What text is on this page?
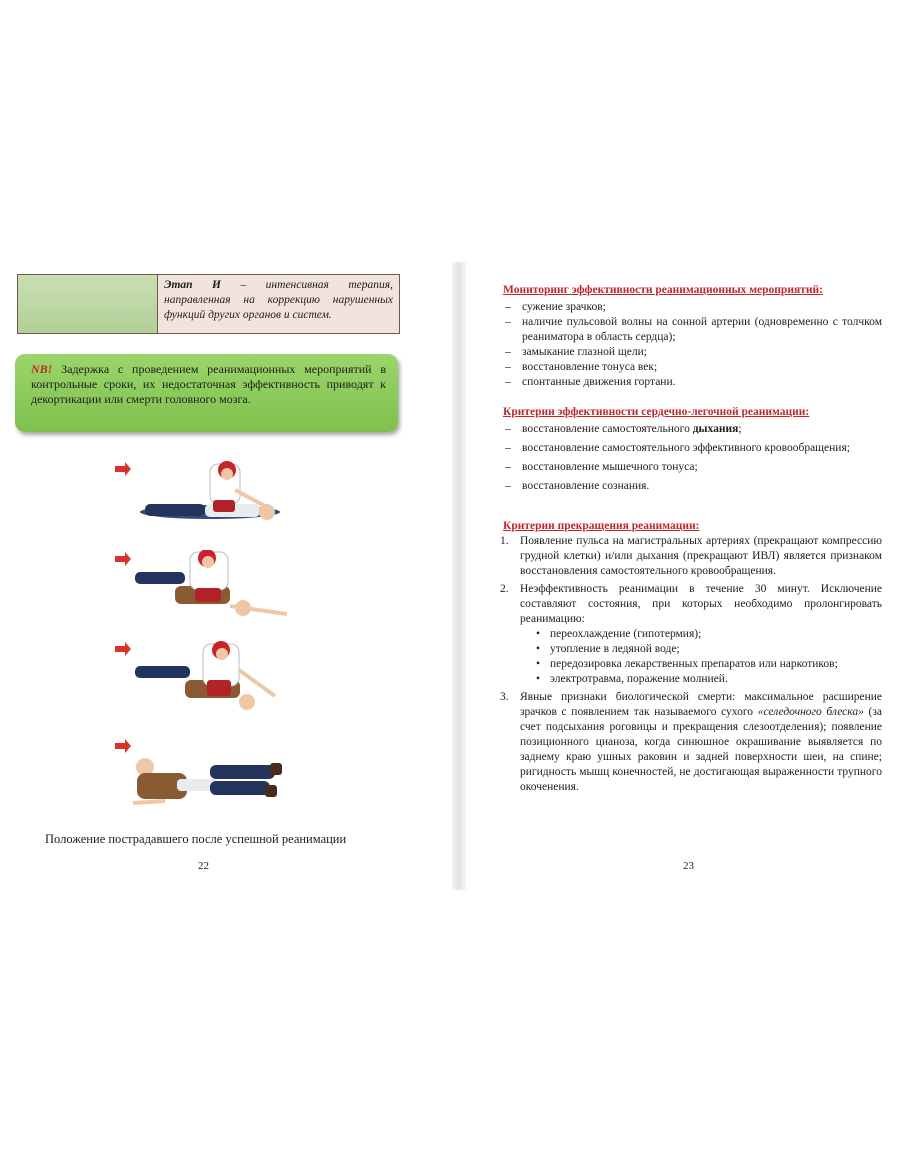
Этап И – интенсивная терапия, направленная на коррекцию нарушенных функций других органов и систем.
NB! Задержка с проведением реанимационных мероприятий в контрольные сроки, их недостаточная эффективность приводят к декортикации или смерти головного мозга.
Положение пострадавшего после успешной реанимации
22
Мониторинг эффективности реанимационных мероприятий:
– сужение зрачков;
– наличие пульсовой волны на сонной артерии (одновременно с толчком реаниматора в область сердца);
– замыкание глазной щели;
– восстановление тонуса век;
– спонтанные движения гортани.
Критерии эффективности сердечно-легочной реанимации:
– восстановление самостоятельного дыхания;
– восстановление самостоятельного эффективного кровообращения;
– восстановление мышечного тонуса;
– восстановление сознания.
Критерии прекращения реанимации:
1. Появление пульса на магистральных артериях (прекращают компрессию грудной клетки) и/или дыхания (прекращают ИВЛ) является признаком восстановления самостоятельного кровообращения.
2. Неэффективность реанимации в течение 30 минут. Исключение составляют состояния, при которых необходимо пролонгировать реанимацию:
• переохлаждение (гипотермия);
• утопление в ледяной воде;
• передозировка лекарственных препаратов или наркотиков;
• электротравма, поражение молнией.
3. Явные признаки биологической смерти: максимальное расширение зрачков с появлением так называемого сухого «селедочного блеска» (за счет подсыхания роговицы и прекращения слезоотделения); появление позиционного цианоза, когда синюшное окрашивание выявляется по заднему краю ушных раковин и задней поверхности шеи, на спине; ригидность мышц конечностей, не достигающая выраженности трупного окоченения.
23
